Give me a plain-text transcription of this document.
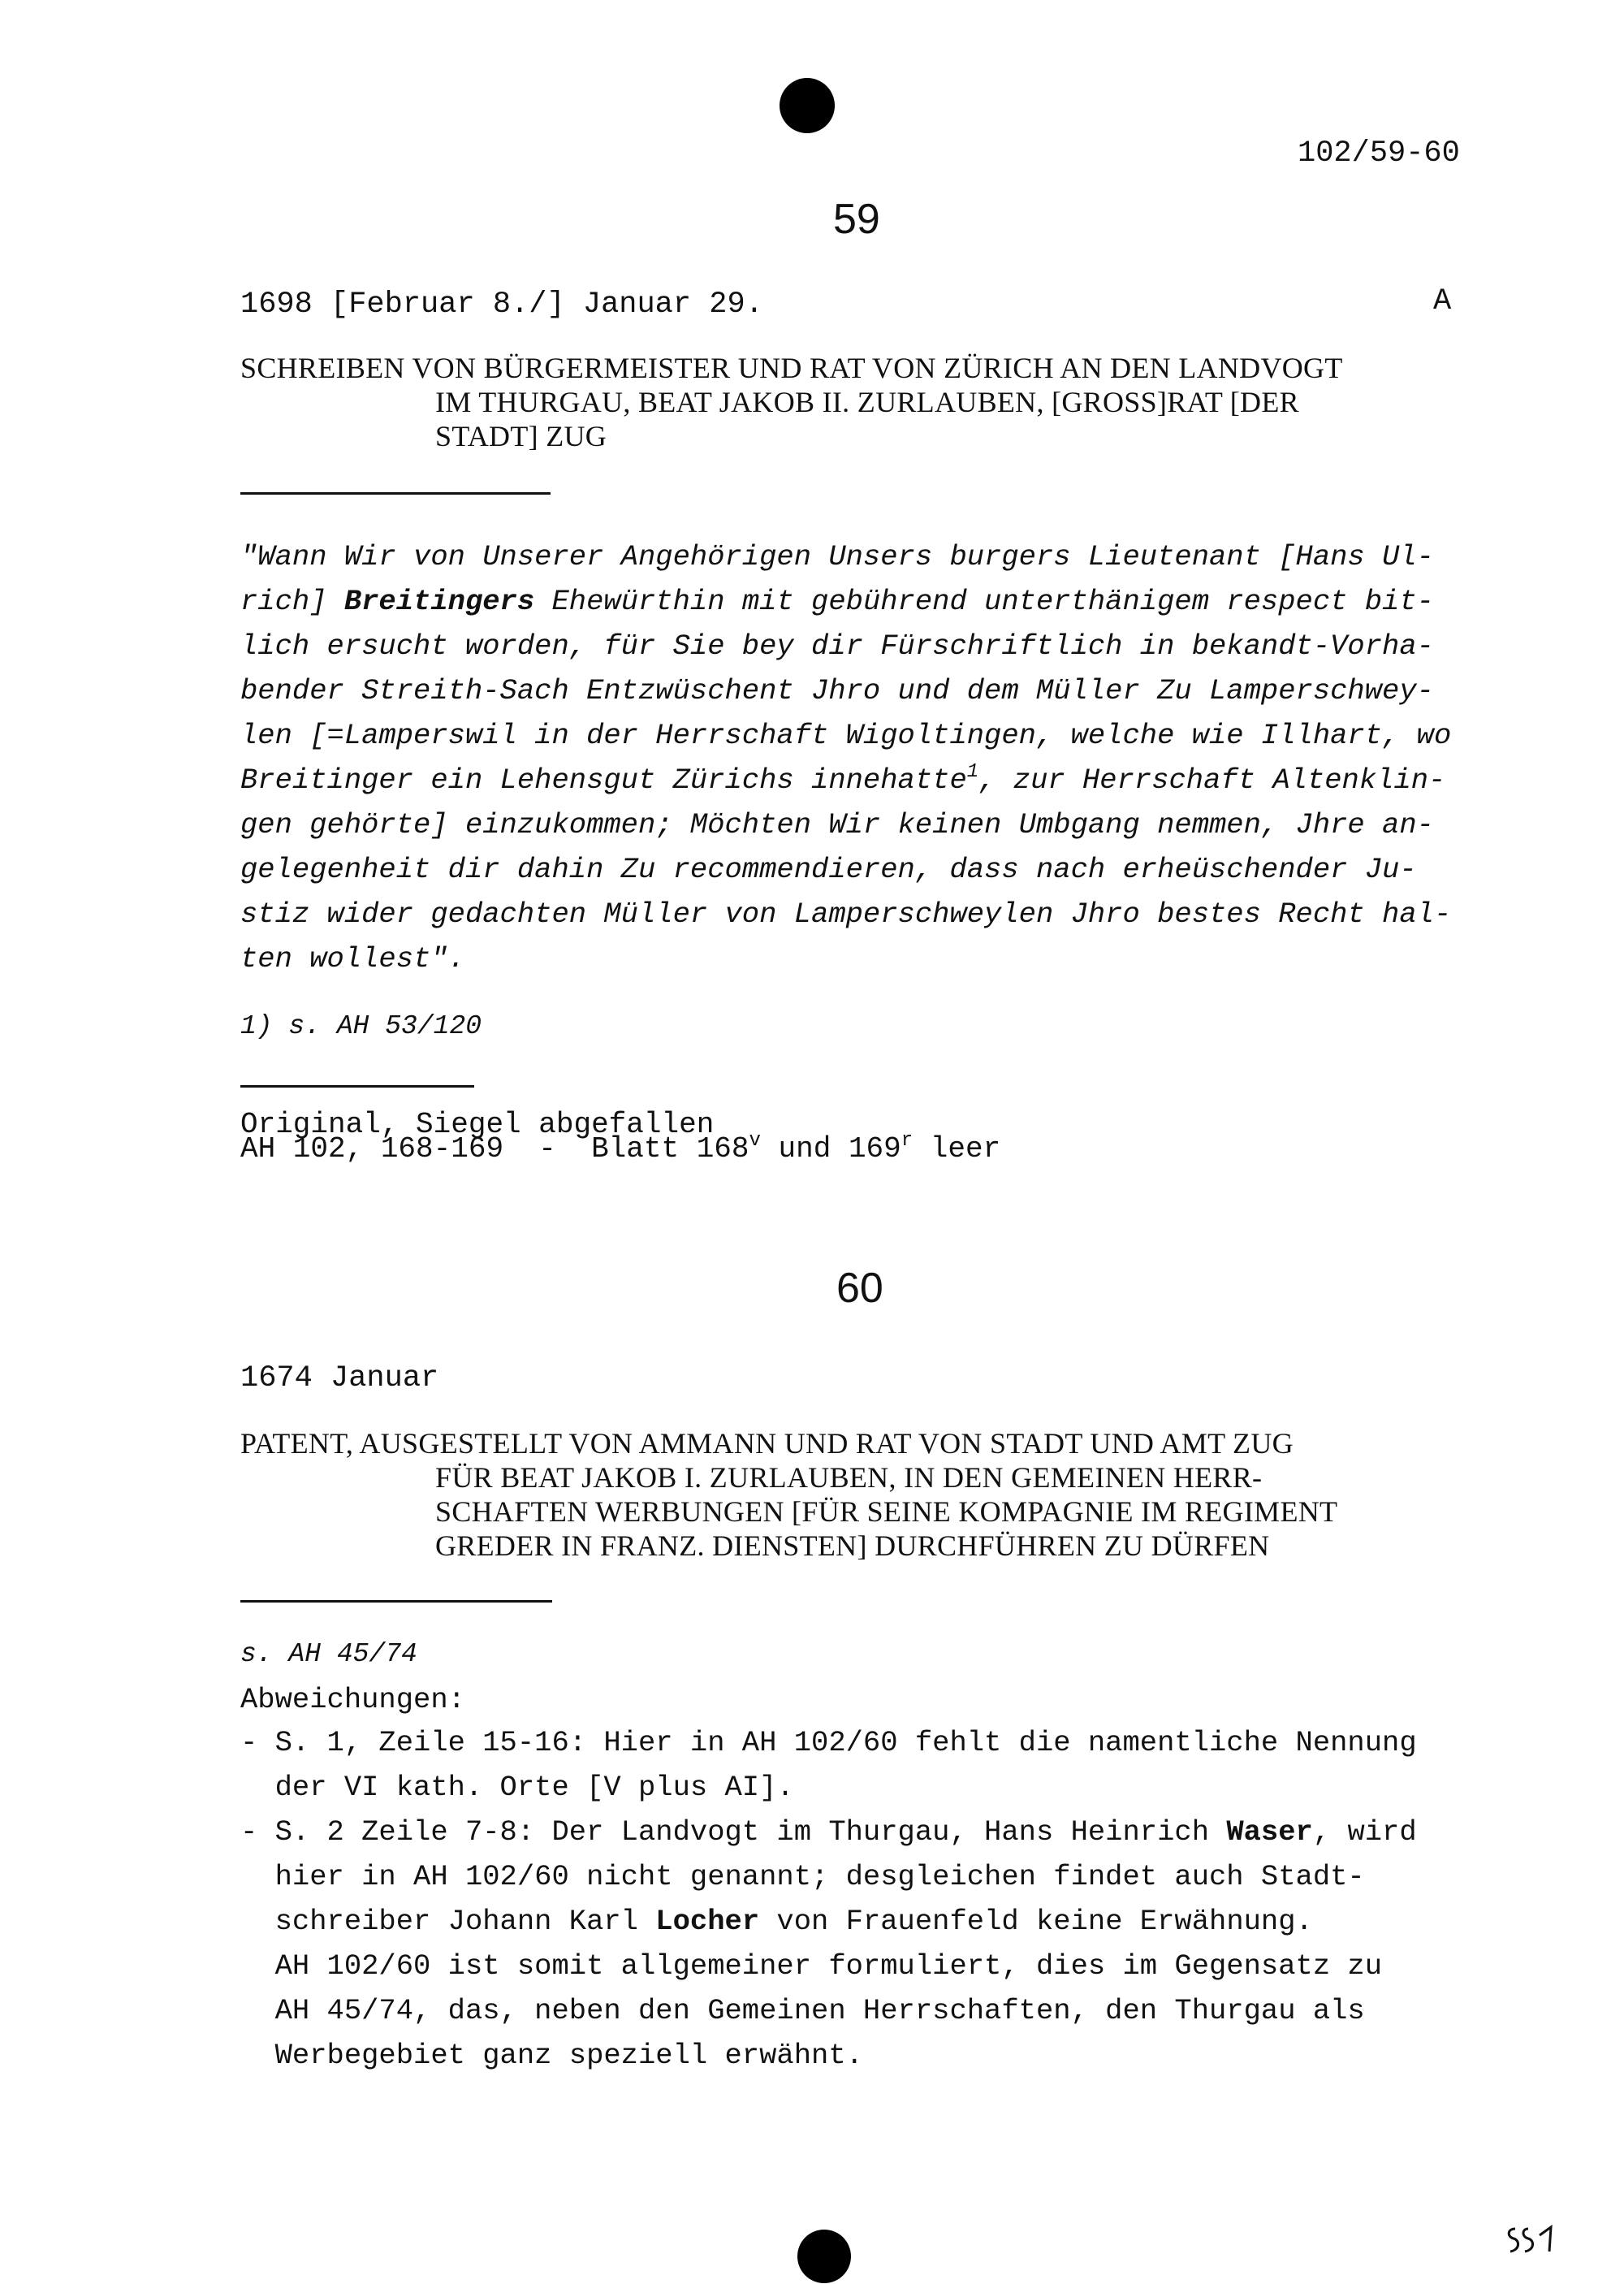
102/59-60
59
1698 [Februar 8./] Januar 29.	A
SCHREIBEN VON BÜRGERMEISTER UND RAT VON ZÜRICH AN DEN LANDVOGT
IM THURGAU, BEAT JAKOB II. ZURLAUBEN, [GROSS]RAT [DER
STADT] ZUG
"Wann Wir von Unserer Angehörigen Unsers burgers Lieutenant [Hans Ul-
rich] Breitingers Ehewürthin mit gebührend unterthänigem respect bit-
lich ersucht worden, für Sie bey dir Fürschriftlich in bekandt-Vorha-
bender Streith-Sach Entzwüschent Jhro und dem Müller Zu Lamperschwey-
len [=Lamperswil in der Herrschaft Wigoltingen, welche wie Illhart, wo
Breitinger ein Lehensgut Zürichs innehatte$^1$, zur Herrschaft Altenklin-
gen gehörte] einzukommen; Möchten Wir keinen Umbgang nemmen, Jhre an-
gelegenheit dir dahin Zu recommendieren, dass nach erheüschender Ju-
stiz wider gedachten Müller von Lamperschweylen Jhro bestes Recht hal-
ten wollest".
1) s. AH 53/120
Original, Siegel abgefallen
AH 102, 168-169  -  Blatt 168$^v$ und 169$^r$ leer
60
1674 Januar
PATENT, AUSGESTELLT VON AMMANN UND RAT VON STADT UND AMT ZUG
FÜR BEAT JAKOB I. ZURLAUBEN, IN DEN GEMEINEN HERR-
SCHAFTEN WERBUNGEN [FÜR SEINE KOMPAGNIE IM REGIMENT
GREDER IN FRANZ. DIENSTEN] DURCHFÜHREN ZU DÜRFEN
s. AH 45/74
Abweichungen:
- S. 1, Zeile 15-16: Hier in AH 102/60 fehlt die namentliche Nennung
der VI kath. Orte [V plus AI].
- S. 2 Zeile 7-8: Der Landvogt im Thurgau, Hans Heinrich Waser, wird
hier in AH 102/60 nicht genannt; desgleichen findet auch Stadt-
schreiber Johann Karl Locher von Frauenfeld keine Erwähnung.
AH 102/60 ist somit allgemeiner formuliert, dies im Gegensatz zu
AH 45/74, das, neben den Gemeinen Herrschaften, den Thurgau als
Werbegebiet ganz speziell erwähnt.
